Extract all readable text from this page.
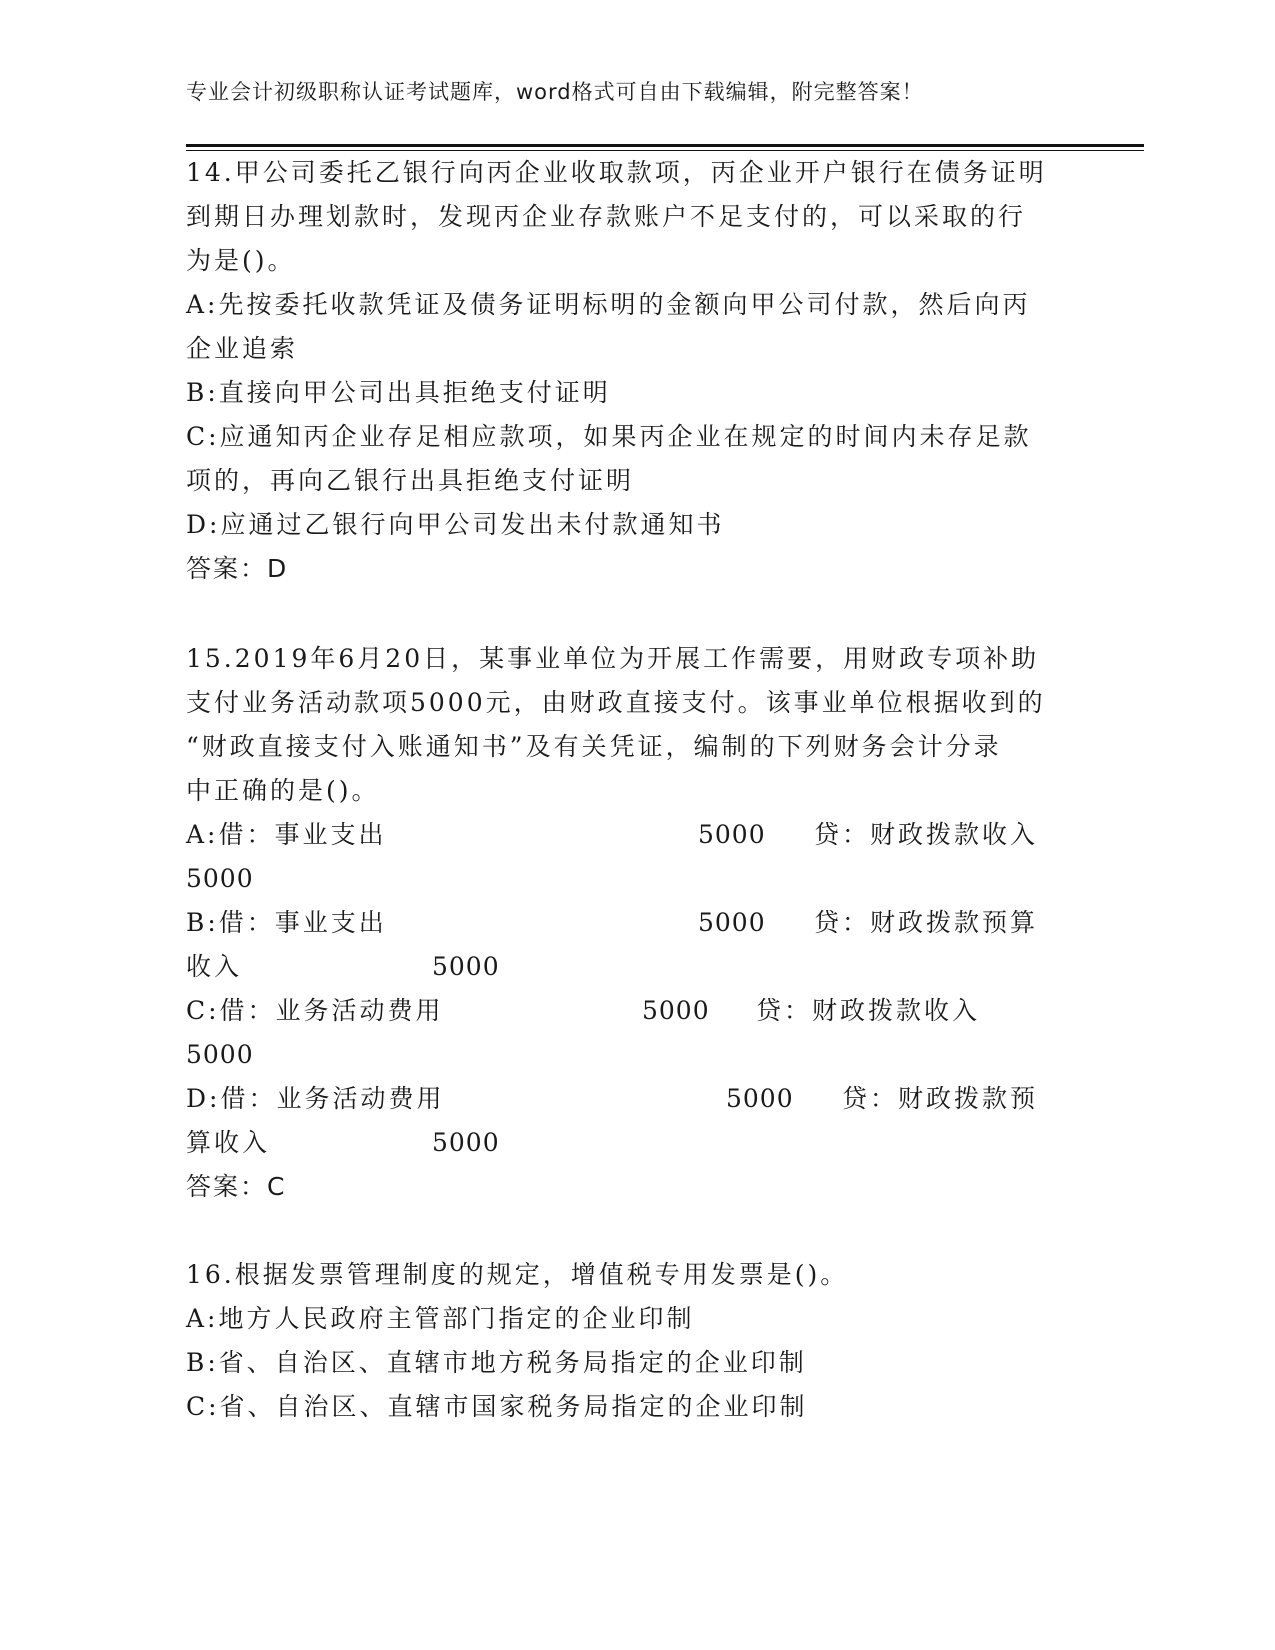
专业会计初级职称认证考试题库，word格式可自由下载编辑，附完整答案！
14.甲公司委托乙银行向丙企业收取款项，丙企业开户银行在债务证明
到期日办理划款时，发现丙企业存款账户不足支付的，可以采取的行
为是()。
A:先按委托收款凭证及债务证明标明的金额向甲公司付款，然后向丙
企业追索
B:直接向甲公司出具拒绝支付证明
C:应通知丙企业存足相应款项，如果丙企业在规定的时间内未存足款
项的，再向乙银行出具拒绝支付证明
D:应通过乙银行向甲公司发出未付款通知书
答案：D
15.2019年6月20日，某事业单位为开展工作需要，用财政专项补助
支付业务活动款项5000元，由财政直接支付。该事业单位根据收到的
“财政直接支付入账通知书”及有关凭证，编制的下列财务会计分录
中正确的是()。
A:借：事业支出	5000 贷：财政拨款收入
5000
B:借：事业支出	5000 贷：财政拨款预算
收入	5000
C:借：业务活动费用	5000 贷：财政拨款收入
5000
D:借：业务活动费用	5000 贷：财政拨款预
算收入	5000
答案：C
16.根据发票管理制度的规定，增值税专用发票是()。
A:地方人民政府主管部门指定的企业印制
B:省、自治区、直辖市地方税务局指定的企业印制
C:省、自治区、直辖市国家税务局指定的企业印制
